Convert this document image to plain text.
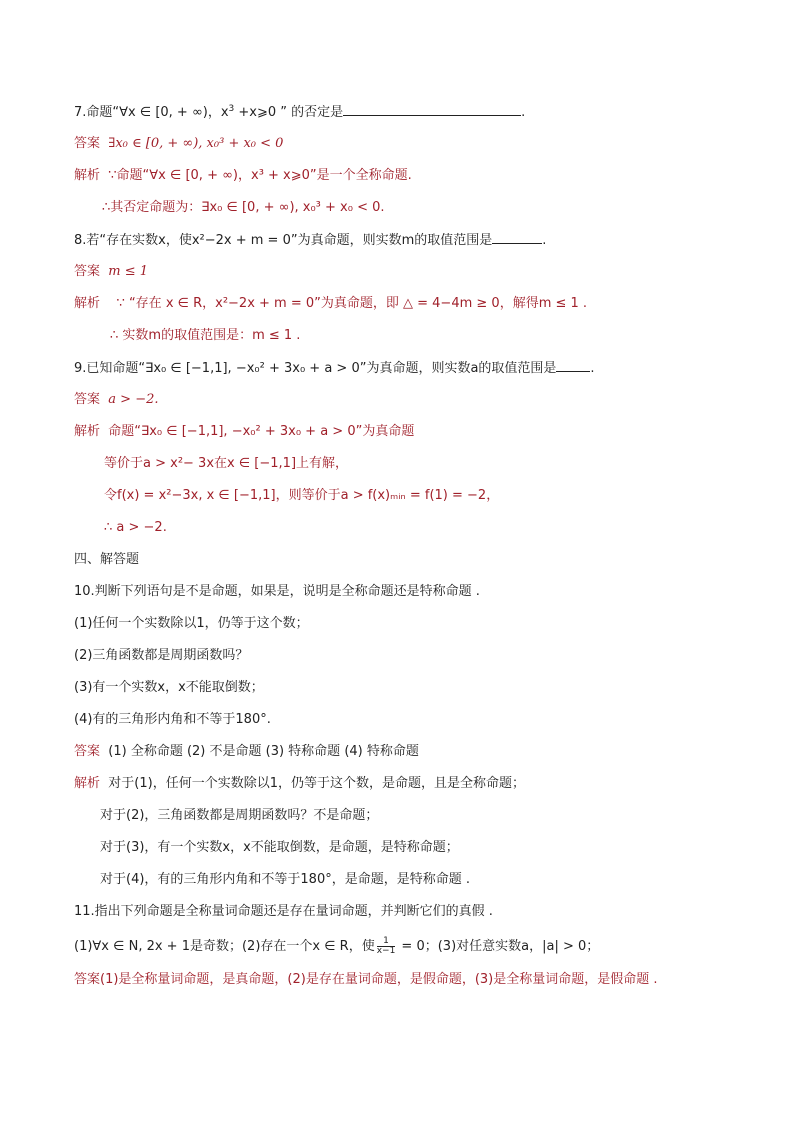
7.命题“∀x ∈ [0, + ∞)，$x^3$ +x⩾0 ” 的否定是	.
答案 ∃x₀ ∈ [0, + ∞), x₀³ + x₀ < 0
解析 ∵命题“∀x ∈ [0, + ∞)，x³ + x⩾0”是一个全称命题.
∴其否定命题为：∃x₀ ∈ [0, + ∞), x₀³ + x₀ < 0.
8.若“存在实数x，使x²−2x + m = 0”为真命题，则实数m的取值范围是	.
答案 m ≤ 1
解析 ∵ “存在 x ∈ R，x²−2x + m = 0”为真命题，即 △ = 4−4m ≥ 0，解得m ≤ 1 .
∴ 实数m的取值范围是：m ≤ 1 .
9.已知命题“∃x₀ ∈ [−1,1], −x₀² + 3x₀ + a > 0”为真命题，则实数a的取值范围是	.
答案 a > −2.
解析 命题“∃x₀ ∈ [−1,1], −x₀² + 3x₀ + a > 0”为真命题
等价于a > x²− 3x在x ∈ [−1,1]上有解，
令f(x) = x²−3x, x ∈ [−1,1]，则等价于a > f(x)ₘᵢₙ = f(1) = −2，
∴ a > −2.
四、解答题
10.判断下列语句是不是命题，如果是，说明是全称命题还是特称命题 .
(1)任何一个实数除以1，仍等于这个数；
(2)三角函数都是周期函数吗？
(3)有一个实数x，x不能取倒数；
(4)有的三角形内角和不等于180°.
答案 (1) 全称命题 (2) 不是命题 (3) 特称命题 (4) 特称命题
解析 对于(1)，任何一个实数除以1，仍等于这个数，是命题，且是全称命题；
对于(2)，三角函数都是周期函数吗？不是命题；
对于(3)，有一个实数x，x不能取倒数，是命题，是特称命题；
对于(4)，有的三角形内角和不等于180°，是命题，是特称命题 .
11.指出下列命题是全称量词命题还是存在量词命题，并判断它们的真假 .
(1)∀x ∈ N, 2x + 1是奇数；(2)存在一个x ∈ R，使 $\frac{1}{x-1} = 0$；(3)对任意实数a，|a| > 0；
答案(1)是全称量词命题，是真命题，(2)是存在量词命题，是假命题，(3)是全称量词命题，是假命题 .
